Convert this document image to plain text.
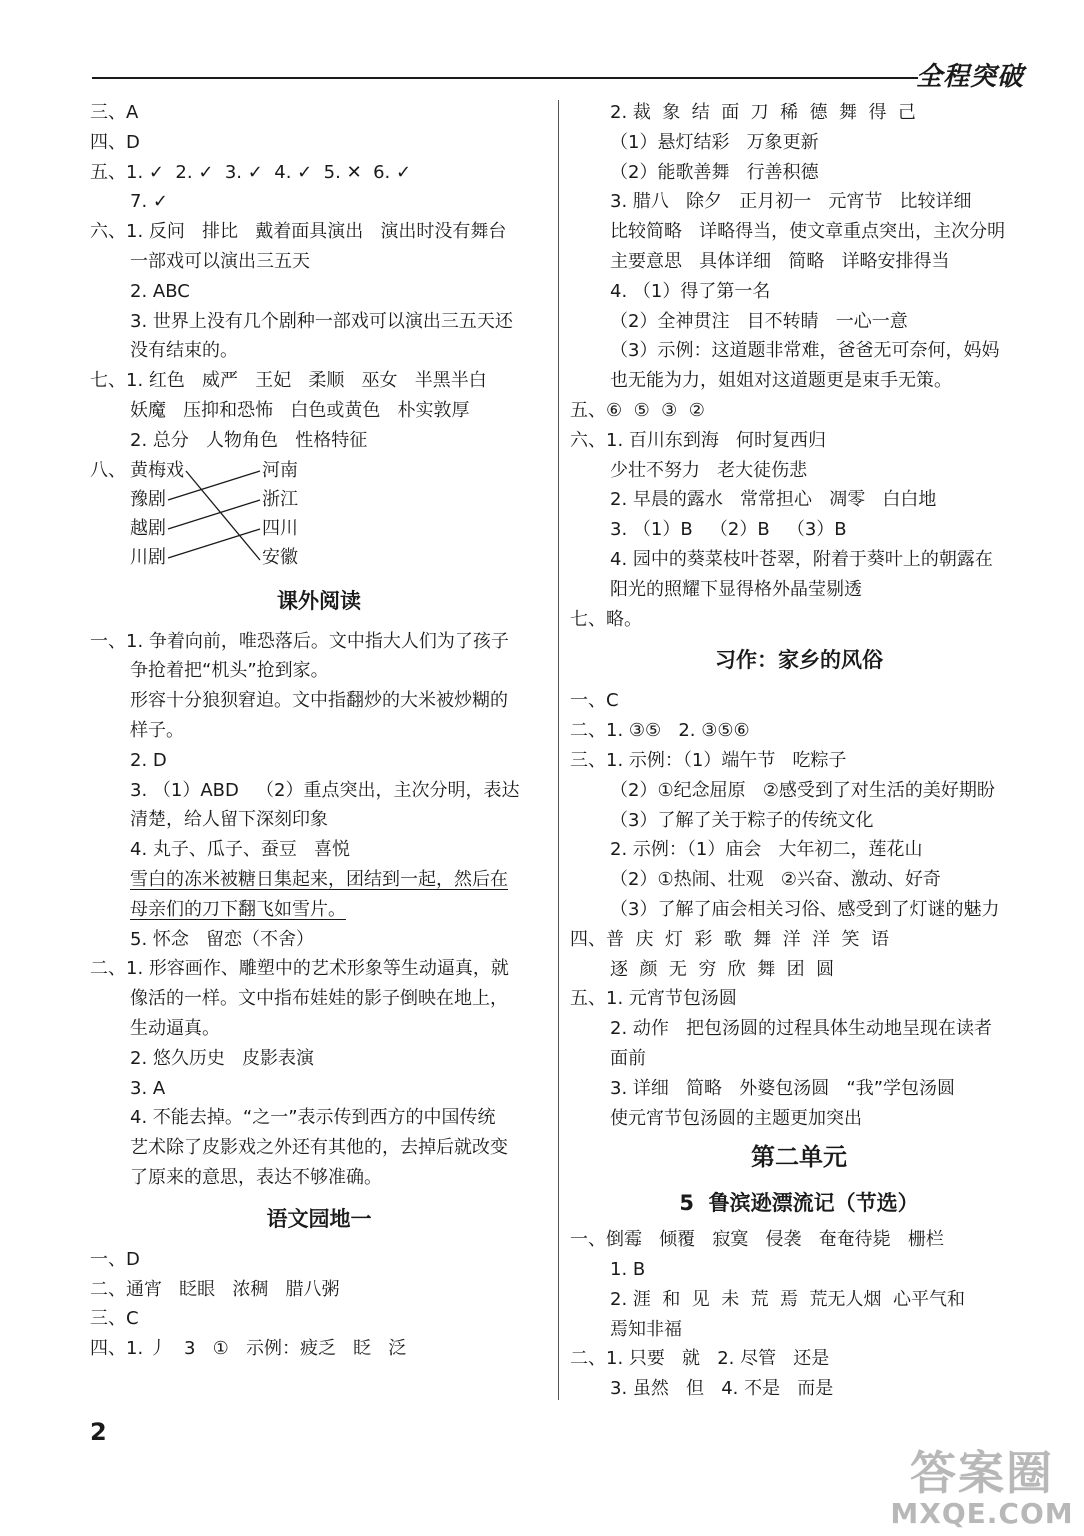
全程突破
三、A
四、D
五、1. ✓  2. ✓  3. ✓  4. ✓  5. ✕  6. ✓
7. ✓
六、1. 反问   排比   戴着面具演出   演出时没有舞台
一部戏可以演出三五天
2. ABC
3. 世界上没有几个剧种一部戏可以演出三五天还
没有结束的。
七、1. 红色   威严   王妃   柔顺   巫女   半黑半白
妖魔   压抑和恐怖   白色或黄色   朴实敦厚
2. 总分   人物角色   性格特征
八、 黄梅戏
豫剧
越剧
川剧
河南
浙江
四川
安徽
课外阅读
一、1. 争着向前，唯恐落后。文中指大人们为了孩子
争抢着把“机头”抢到家。
形容十分狼狈窘迫。文中指翻炒的大米被炒糊的
样子。
2. D
3. （1）ABD   （2）重点突出，主次分明，表达
清楚，给人留下深刻印象
4. 丸子、瓜子、蚕豆   喜悦
雪白的冻米被糖日集起来，团结到一起，然后在
母亲们的刀下翻飞如雪片。
5. 怀念   留恋（不舍）
二、1. 形容画作、雕塑中的艺术形象等生动逼真，就
像活的一样。文中指布娃娃的影子倒映在地上，
生动逼真。
2. 悠久历史   皮影表演
3. A
4. 不能去掉。“之一”表示传到西方的中国传统
艺术除了皮影戏之外还有其他的，去掉后就改变
了原来的意思，表达不够准确。
语文园地一
一、D
二、通宵   眨眼   浓稠   腊八粥
三、C
四、1. 丿   3   ①   示例：疲乏   眨   泛
2. 裁  象  结  面  刀  稀  德  舞  得  己
（1）悬灯结彩   万象更新
（2）能歌善舞   行善积德
3. 腊八   除夕   正月初一   元宵节   比较详细
比较简略   详略得当，使文章重点突出，主次分明
主要意思   具体详细   简略   详略安排得当
4. （1）得了第一名
（2）全神贯注   目不转睛   一心一意
（3）示例：这道题非常难，爸爸无可奈何，妈妈
也无能为力，姐姐对这道题更是束手无策。
五、⑥  ⑤  ③  ②
六、1. 百川东到海   何时复西归
少壮不努力   老大徒伤悲
2. 早晨的露水   常常担心   凋零   白白地
3. （1）B   （2）B   （3）B
4. 园中的葵菜枝叶苍翠，附着于葵叶上的朝露在
阳光的照耀下显得格外晶莹剔透
七、略。
习作：家乡的风俗
一、C
二、1. ③⑤   2. ③⑤⑥
三、1. 示例：（1）端午节   吃粽子
（2）①纪念屈原   ②感受到了对生活的美好期盼
（3）了解了关于粽子的传统文化
2. 示例：（1）庙会   大年初二，莲花山
（2）①热闹、壮观   ②兴奋、激动、好奇
（3）了解了庙会相关习俗、感受到了灯谜的魅力
四、普  庆  灯  彩  歌  舞  洋  洋  笑  语
逐  颜  无  穷  欣  舞  团  圆
五、1. 元宵节包汤圆
2. 动作   把包汤圆的过程具体生动地呈现在读者
面前
3. 详细   简略   外婆包汤圆   “我”学包汤圆
使元宵节包汤圆的主题更加突出
第二单元
5  鲁滨逊漂流记（节选）
一、倒霉   倾覆   寂寞   侵袭   奄奄待毙   栅栏
1. B
2. 涯  和  见  未  荒  焉  荒无人烟  心平气和
焉知非福
二、1. 只要   就   2. 尽管   还是
3. 虽然   但   4. 不是   而是
2
答案圈
MXQE.COM
